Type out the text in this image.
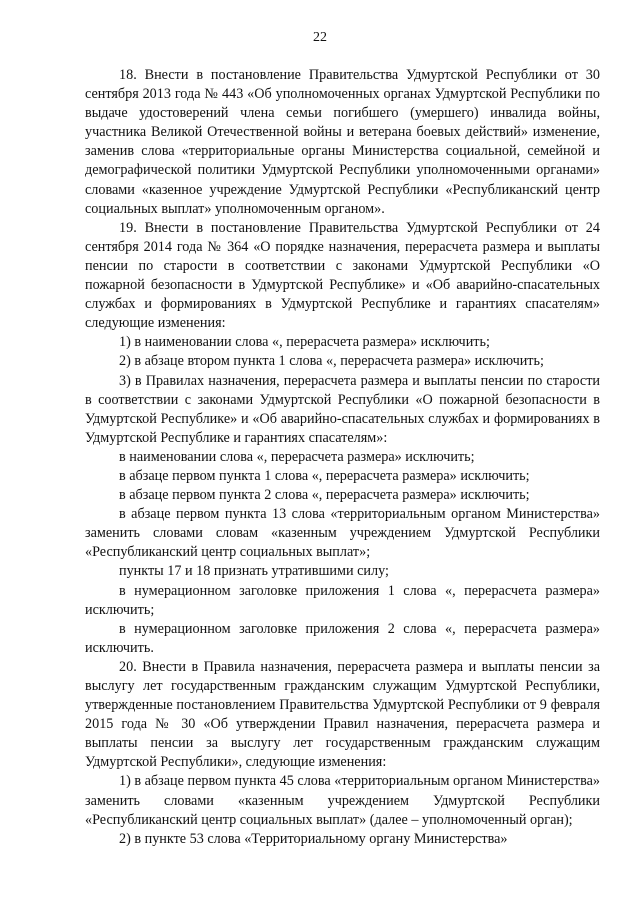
22

18. Внести в постановление Правительства Удмуртской Республики от 30 сентября 2013 года № 443 «Об уполномоченных органах Удмуртской Республики по выдаче удостоверений члена семьи погибшего (умершего) инвалида войны, участника Великой Отечественной войны и ветерана боевых действий» изменение, заменив слова «территориальные органы Министерства социальной, семейной и демографической политики Удмуртской Республики уполномоченными органами» словами «казенное учреждение Удмуртской Республики «Республиканский центр социальных выплат» уполномоченным органом».

19. Внести в постановление Правительства Удмуртской Республики от 24 сентября 2014 года № 364 «О порядке назначения, перерасчета размера и выплаты пенсии по старости в соответствии с законами Удмуртской Республики «О пожарной безопасности в Удмуртской Республике» и «Об аварийно-спасательных службах и формированиях в Удмуртской Республике и гарантиях спасателям» следующие изменения:

1) в наименовании слова «, перерасчета размера» исключить;

2) в абзаце втором пункта 1 слова «, перерасчета размера» исключить;

3) в Правилах назначения, перерасчета размера и выплаты пенсии по старости в соответствии с законами Удмуртской Республики «О пожарной безопасности в Удмуртской Республике» и «Об аварийно-спасательных службах и формированиях в Удмуртской Республике и гарантиях спасателям»:

в наименовании слова «, перерасчета размера» исключить;

в абзаце первом пункта 1 слова «, перерасчета размера» исключить;

в абзаце первом пункта 2 слова «, перерасчета размера» исключить;

в абзаце первом пункта 13 слова «территориальным органом Министерства» заменить словами словам «казенным учреждением Удмуртской Республики «Республиканский центр социальных выплат»;

пункты 17 и 18 признать утратившими силу;

в нумерационном заголовке приложения 1 слова «, перерасчета размера» исключить;

в нумерационном заголовке приложения 2 слова «, перерасчета размера» исключить.

20. Внести в Правила назначения, перерасчета размера и выплаты пенсии за выслугу лет государственным гражданским служащим Удмуртской Республики, утвержденные постановлением Правительства Удмуртской Республики от 9 февраля 2015 года № 30 «Об утверждении Правил назначения, перерасчета размера и выплаты пенсии за выслугу лет государственным гражданским служащим Удмуртской Республики», следующие изменения:

1) в абзаце первом пункта 45 слова «территориальным органом Министерства» заменить словами «казенным учреждением Удмуртской Республики «Республиканский центр социальных выплат» (далее – уполномоченный орган);

2) в пункте 53 слова «Территориальному органу Министерства»
